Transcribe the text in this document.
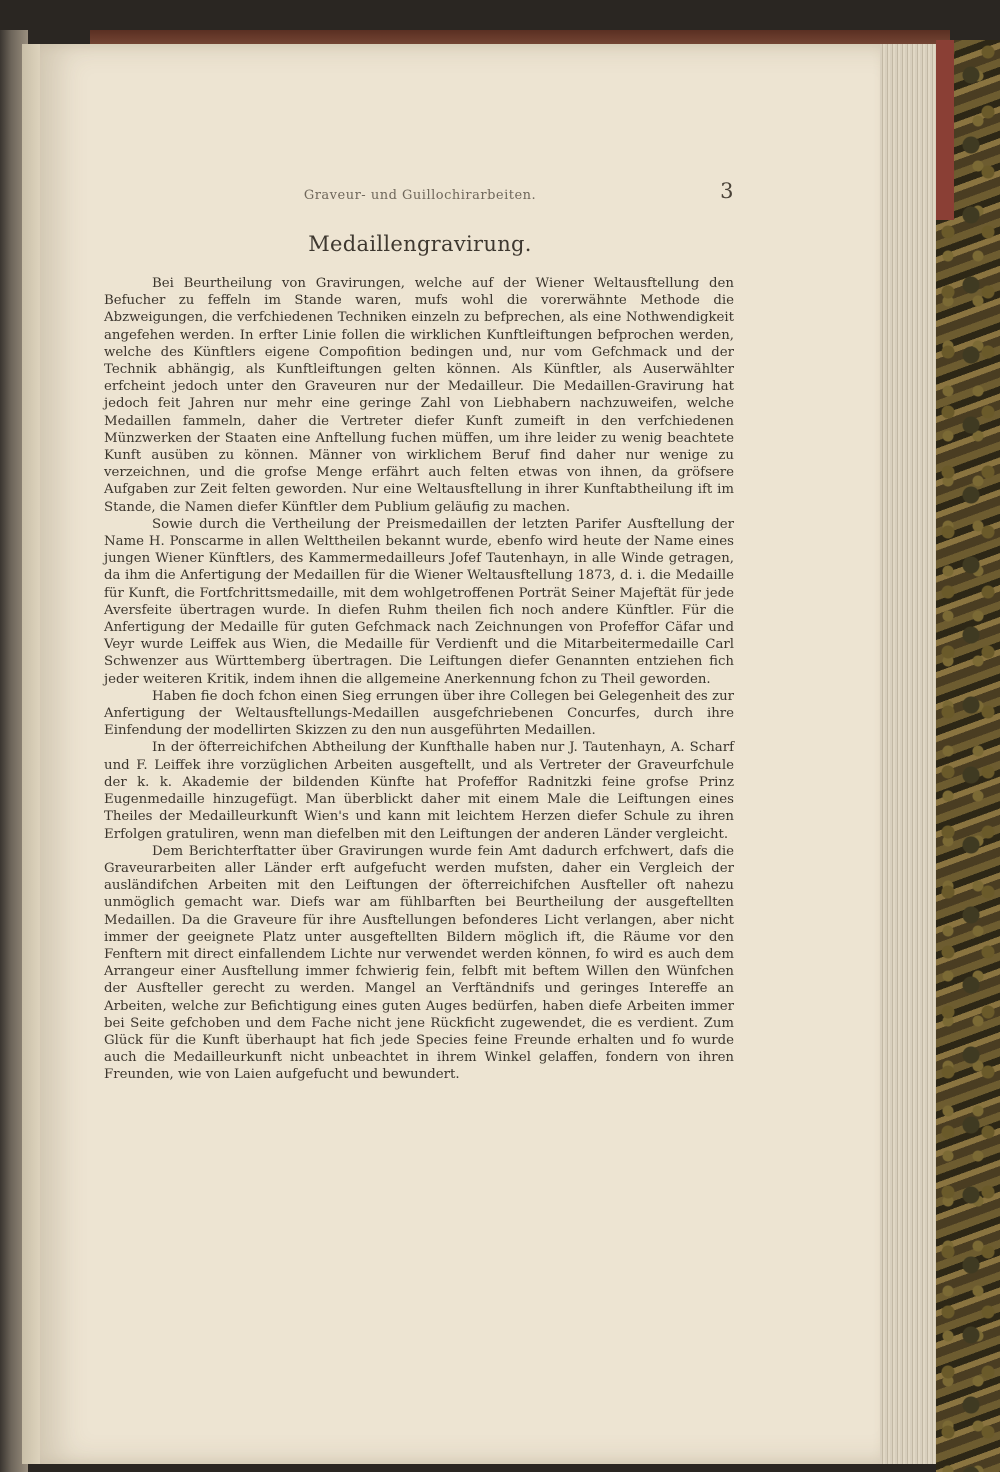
Graveur- und Guillochirarbeiten.	3
Medaillengravirung.

Bei Beurtheilung von Gravirungen, welche auf der Wiener Weltausftellung den Befucher zu feffeln im Stande waren, mufs wohl die vorerwähnte Methode die Abzweigungen, die verfchiedenen Techniken einzeln zu befprechen, als eine Nothwendigkeit angefehen werden. In erfter Linie follen die wirklichen Kunftleiftungen befprochen werden, welche des Künftlers eigene Compofition bedingen und, nur vom Gefchmack und der Technik abhängig, als Kunftleiftungen gelten können. Als Künftler, als Auserwählter erfcheint jedoch unter den Graveuren nur der Medailleur. Die Medaillen-Gravirung hat jedoch feit Jahren nur mehr eine geringe Zahl von Liebhabern nachzuweifen, welche Medaillen fammeln, daher die Vertreter diefer Kunft zumeift in den verfchiedenen Münzwerken der Staaten eine Anftellung fuchen müffen, um ihre leider zu wenig beachtete Kunft ausüben zu können. Männer von wirklichem Beruf find daher nur wenige zu verzeichnen, und die grofse Menge erfährt auch felten etwas von ihnen, da gröfsere Aufgaben zur Zeit felten geworden. Nur eine Weltausftellung in ihrer Kunftabtheilung ift im Stande, die Namen diefer Künftler dem Publium geläufig zu machen.

Sowie durch die Vertheilung der Preismedaillen der letzten Parifer Ausftellung der Name H. Ponscarme in allen Welttheilen bekannt wurde, ebenfo wird heute der Name eines jungen Wiener Künftlers, des Kammermedailleurs Jofef Tautenhayn, in alle Winde getragen, da ihm die Anfertigung der Medaillen für die Wiener Weltausftellung 1873, d. i. die Medaille für Kunft, die Fortfchrittsmedaille, mit dem wohlgetroffenen Porträt Seiner Majeftät für jede Aversfeite übertragen wurde. In diefen Ruhm theilen fich noch andere Künftler. Für die Anfertigung der Medaille für guten Gefchmack nach Zeichnungen von Profeffor Cäfar und Veyr wurde Leiffek aus Wien, die Medaille für Verdienft und die Mitarbeitermedaille Carl Schwenzer aus Württemberg übertragen. Die Leiftungen diefer Genannten entziehen fich jeder weiteren Kritik, indem ihnen die allgemeine Anerkennung fchon zu Theil geworden.

Haben fie doch fchon einen Sieg errungen über ihre Collegen bei Gelegenheit des zur Anfertigung der Weltausftellungs-Medaillen ausgefchriebenen Concurfes, durch ihre Einfendung der modellirten Skizzen zu den nun ausgeführten Medaillen.

In der öfterreichifchen Abtheilung der Kunfthalle haben nur J. Tautenhayn, A. Scharf und F. Leiffek ihre vorzüglichen Arbeiten ausgeftellt, und als Vertreter der Graveurfchule der k. k. Akademie der bildenden Künfte hat Profeffor Radnitzki feine grofse Prinz Eugenmedaille hinzugefügt. Man überblickt daher mit einem Male die Leiftungen eines Theiles der Medailleurkunft Wien's und kann mit leichtem Herzen diefer Schule zu ihren Erfolgen gratuliren, wenn man diefelben mit den Leiftungen der anderen Länder vergleicht.

Dem Berichterftatter über Gravirungen wurde fein Amt dadurch erfchwert, dafs die Graveurarbeiten aller Länder erft aufgefucht werden mufsten, daher ein Vergleich der ausländifchen Arbeiten mit den Leiftungen der öfterreichifchen Ausfteller oft nahezu unmöglich gemacht war. Diefs war am fühlbarften bei Beurtheilung der ausgeftellten Medaillen. Da die Graveure für ihre Ausftellungen befonderes Licht verlangen, aber nicht immer der geeignete Platz unter ausgeftellten Bildern möglich ift, die Räume vor den Fenftern mit direct einfallendem Lichte nur verwendet werden können, fo wird es auch dem Arrangeur einer Ausftellung immer fchwierig fein, felbft mit beftem Willen den Wünfchen der Ausfteller gerecht zu werden. Mangel an Verftändnifs und geringes Intereffe an Arbeiten, welche zur Befichtigung eines guten Auges bedürfen, haben diefe Arbeiten immer bei Seite gefchoben und dem Fache nicht jene Rückficht zugewendet, die es verdient. Zum Glück für die Kunft überhaupt hat fich jede Species feine Freunde erhalten und fo wurde auch die Medailleurkunft nicht unbeachtet in ihrem Winkel gelaffen, fondern von ihren Freunden, wie von Laien aufgefucht und bewundert.
